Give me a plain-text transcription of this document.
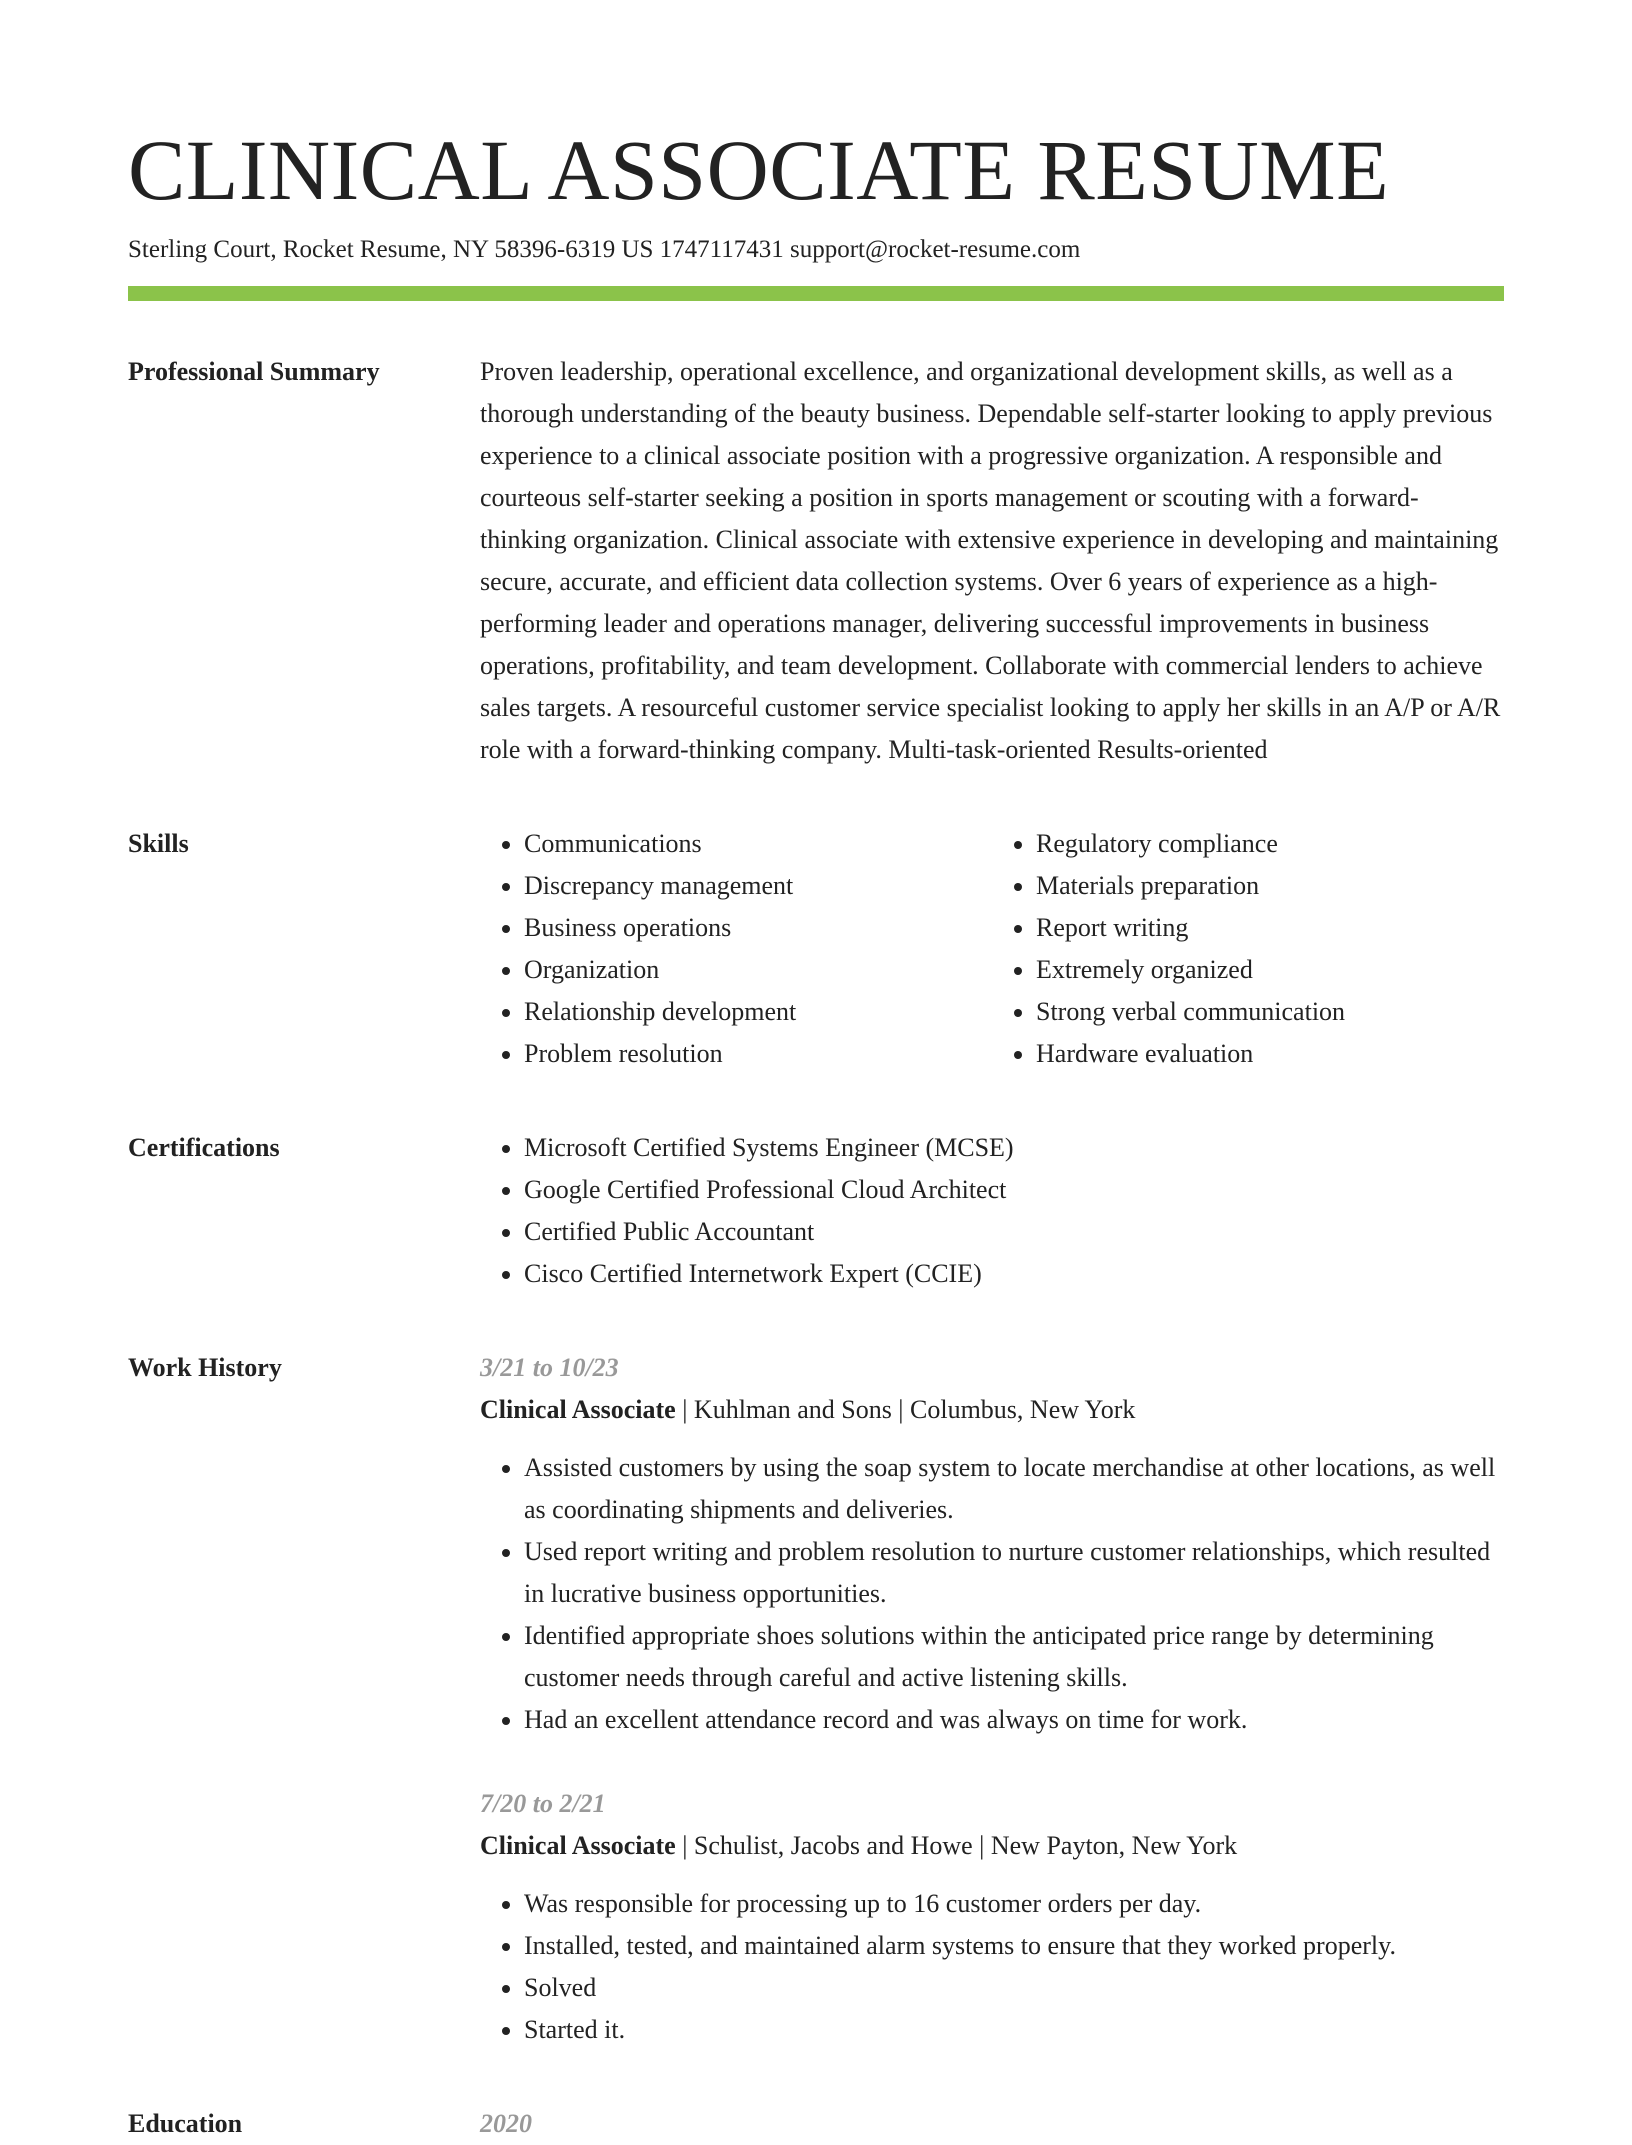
CLINICAL ASSOCIATE RESUME
Sterling Court, Rocket Resume, NY 58396-6319 US 1747117431 support@rocket-resume.com
Professional Summary	Proven leadership, operational excellence, and organizational development skills, as well as a thorough understanding of the beauty business. Dependable self-starter looking to apply previous experience to a clinical associate position with a progressive organization. A responsible and courteous self-starter seeking a position in sports management or scouting with a forward-thinking organization. Clinical associate with extensive experience in developing and maintaining secure, accurate, and efficient data collection systems. Over 6 years of experience as a high-performing leader and operations manager, delivering successful improvements in business operations, profitability, and team development. Collaborate with commercial lenders to achieve sales targets. A resourceful customer service specialist looking to apply her skills in an A/P or A/R role with a forward-thinking company. Multi-task-oriented Results-oriented

Skills	• Communications
• Discrepancy management
• Business operations
• Organization
• Relationship development
• Problem resolution
• Regulatory compliance
• Materials preparation
• Report writing
• Extremely organized
• Strong verbal communication
• Hardware evaluation
Certifications	• Microsoft Certified Systems Engineer (MCSE)
• Google Certified Professional Cloud Architect
• Certified Public Accountant
• Cisco Certified Internetwork Expert (CCIE)
Work History	3/21 to 10/23
Clinical Associate | Kuhlman and Sons | Columbus, New York
• Assisted customers by using the soap system to locate merchandise at other locations, as well as coordinating shipments and deliveries.
• Used report writing and problem resolution to nurture customer relationships, which resulted in lucrative business opportunities.
• Identified appropriate shoes solutions within the anticipated price range by determining customer needs through careful and active listening skills.
• Had an excellent attendance record and was always on time for work.
7/20 to 2/21
Clinical Associate | Schulist, Jacobs and Howe | New Payton, New York
• Was responsible for processing up to 16 customer orders per day.
• Installed, tested, and maintained alarm systems to ensure that they worked properly.
• Solved
• Started it.
Education	2020
